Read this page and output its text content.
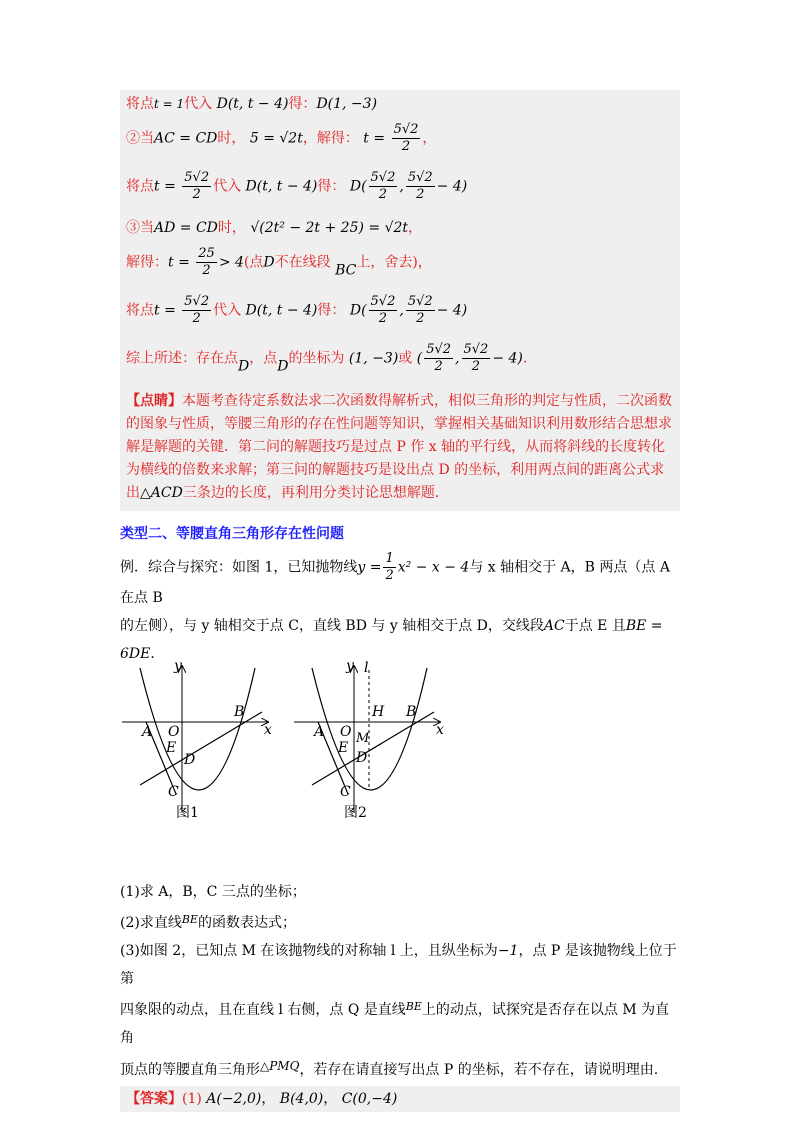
将点t = 1代入 D(t, t − 4)得：D(1, −3)
②当AC = CD时， 5 = √2t，解得： $t = \frac{5√2}{2}$ ，
将点$t = \frac{5√2}{2}$ 代入 D(t, t − 4)得： $D( \frac{5√2}{2}$ , $\frac{5√2}{2} - 4$)
③当AD = CD时， √(2t² − 2t + 25) = √2t，
解得：$t = \frac{25}{2} > 4$(点D不在线段 BC上，舍去)，
将点$t = \frac{5√2}{2}$ 代入 D(t, t − 4)得： $D( \frac{5√2}{2}$ , $\frac{5√2}{2} - 4$)
综上所述：存在点D，点D的坐标为 (1, −3)或 ( $\frac{5√2}{2}$ , $\frac{5√2}{2} - 4$).
【点睛】本题考查待定系数法求二次函数得解析式，相似三角形的判定与性质，二次函数的图象与性质，等腰三角形的存在性问题等知识，掌握相关基础知识利用数形结合思想求解是解题的关键．第二问的解题技巧是过点 P 作 x 轴的平行线，从而将斜线的长度转化为横线的倍数来求解；第三问的解题技巧是设出点 D 的坐标，利用两点间的距离公式求出△ACD三条边的长度，再利用分类讨论思想解题．
类型二、等腰直角三角形存在性问题
例．综合与探究：如图 1，已知抛物线$y = \frac{1}{2} x^2 - x - 4$与 x 轴相交于 A，B 两点（点 A 在点 B
的左侧），与 y 轴相交于点 C，直线 BD 与 y 轴相交于点 D，交线段AC于点 E 且BE = 6DE．
A O
B
E
D
C
y
x
图1
l
H
A O
B
M
E
D
C
y
x
图2
(1)求 A，B，C 三点的坐标；
(2)求直线$^{BE}$的函数表达式；
(3)如图 2，已知点 M 在该抛物线的对称轴 l 上，且纵坐标为−1，点 P 是该抛物线上位于第
四象限的动点，且在直线 l 右侧，点 Q 是直线$^{BE}$上的动点，试探究是否存在以点 M 为直角
顶点的等腰直角三角形△PMQ，若存在请直接写出点 P 的坐标，若不存在，请说明理由.
【答案】(1) A(−2,0)， B(4,0)， C(0,−4)
